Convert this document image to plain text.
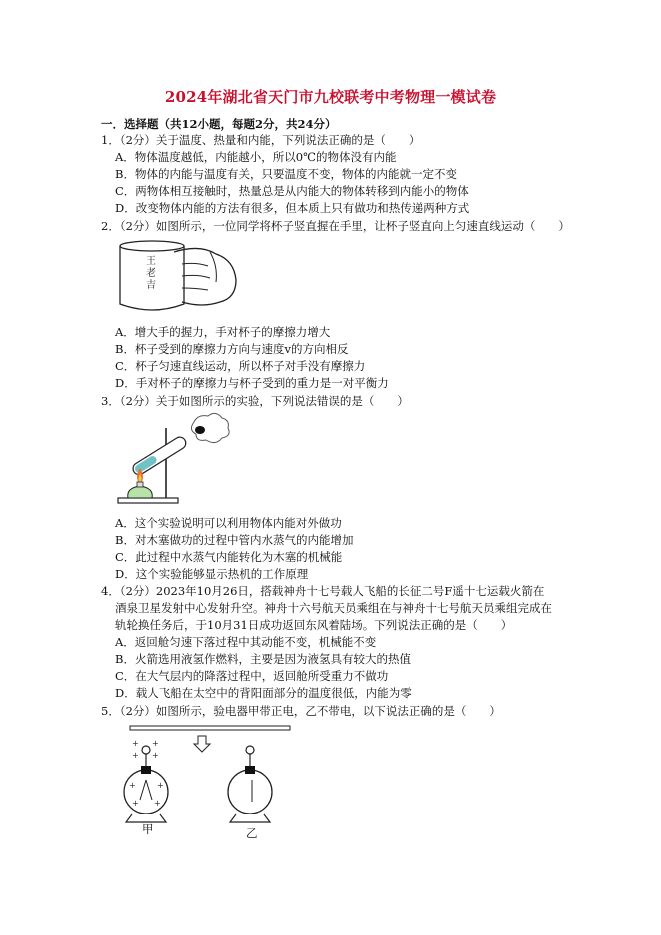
2024年湖北省天门市九校联考中考物理一模试卷
一．选择题（共12小题，每题2分，共24分）
1．（2分）关于温度、热量和内能，下列说法正确的是（　　）
A．物体温度越低，内能越小，所以0℃的物体没有内能
B．物体的内能与温度有关，只要温度不变，物体的内能就一定不变
C．两物体相互接触时，热量总是从内能大的物体转移到内能小的物体
D．改变物体内能的方法有很多，但本质上只有做功和热传递两种方式
2．（2分）如图所示，一位同学将杯子竖直握在手里，让杯子竖直向上匀速直线运动（　　）
王
老
吉
A．增大手的握力，手对杯子的摩擦力增大
B．杯子受到的摩擦力方向与速度v的方向相反
C．杯子匀速直线运动，所以杯子对手没有摩擦力
D．手对杯子的摩擦力与杯子受到的重力是一对平衡力
3．（2分）关于如图所示的实验，下列说法错误的是（　　）
A．这个实验说明可以利用物体内能对外做功
B．对木塞做功的过程中管内水蒸气的内能增加
C．此过程中水蒸气内能转化为木塞的机械能
D．这个实验能够显示热机的工作原理
4．（2分）2023年10月26日，搭载神舟十七号载人飞船的长征二号F遥十七运载火箭在
酒泉卫星发射中心发射升空。神舟十六号航天员乘组在与神舟十七号航天员乘组完成在
轨轮换任务后，于10月31日成功返回东风着陆场。下列说法正确的是（　　）
A．返回舱匀速下落过程中其动能不变，机械能不变
B．火箭选用液氢作燃料，主要是因为液氢具有较大的热值
C．在大气层内的降落过程中，返回舱所受重力不做功
D．载人飞船在太空中的背阳面部分的温度很低，内能为零
5．（2分）如图所示，验电器甲带正电，乙不带电，以下说法正确的是（　　）
+ +
+ +
+	+
+ +
甲	乙
